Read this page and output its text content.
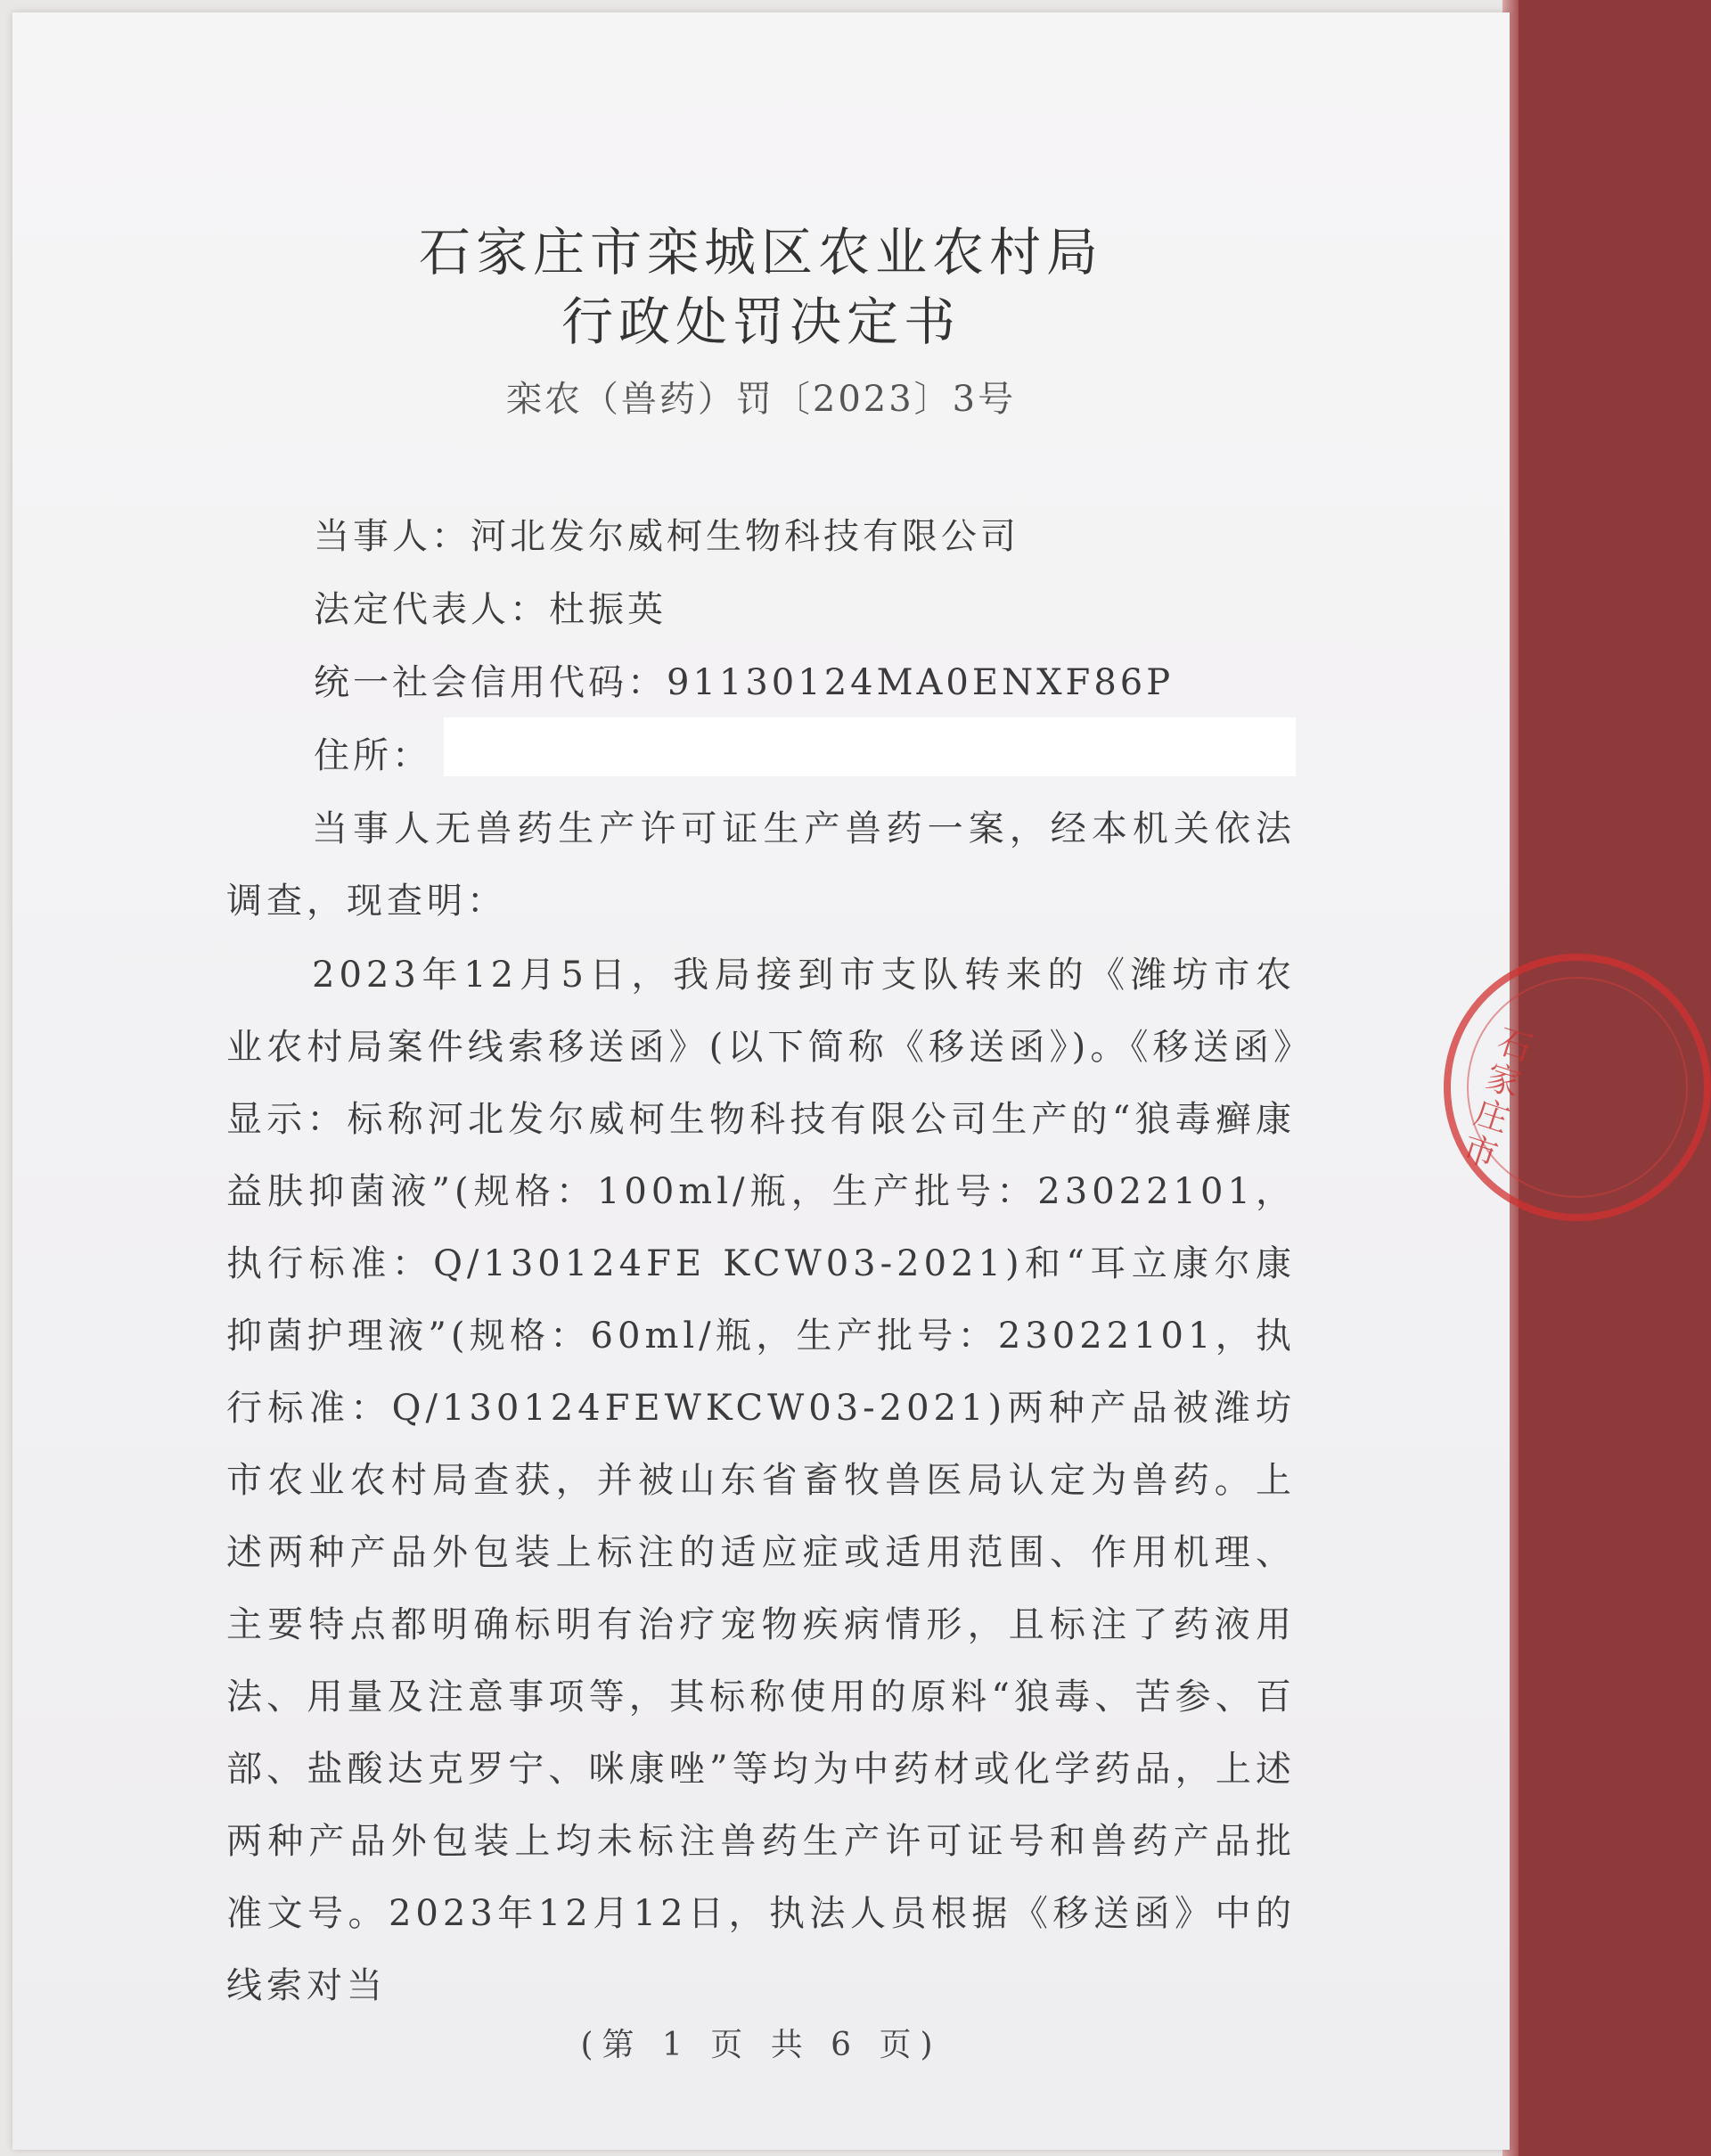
石家庄市栾城区农业农村局
行政处罚决定书
栾农（兽药）罚〔2023〕3号
当事人：河北发尔威柯生物科技有限公司
法定代表人：杜振英
统一社会信用代码：91130124MA0ENXF86P
住所：

当事人无兽药生产许可证生产兽药一案，经本机关依法调查，现查明：

2023年12月5日，我局接到市支队转来的《潍坊市农业农村局案件线索移送函》(以下简称《移送函》)。《移送函》显示：标称河北发尔威柯生物科技有限公司生产的“狼毒癣康益肤抑菌液”(规格：100ml/瓶，生产批号：23022101，执行标准：Q/130124FE KCW03-2021)和“耳立康尔康抑菌护理液”(规格：60ml/瓶，生产批号：23022101，执行标准：Q/130124FEWKCW03-2021)两种产品被潍坊市农业农村局查获，并被山东省畜牧兽医局认定为兽药。上述两种产品外包装上标注的适应症或适用范围、作用机理、主要特点都明确标明有治疗宠物疾病情形，且标注了药液用法、用量及注意事项等，其标称使用的原料“狼毒、苦参、百部、盐酸达克罗宁、咪康唑”等均为中药材或化学药品，上述两种产品外包装上均未标注兽药生产许可证号和兽药产品批准文号。2023年12月12日，执法人员根据《移送函》中的线索对当

(第 1 页 共 6 页)
石家庄市
